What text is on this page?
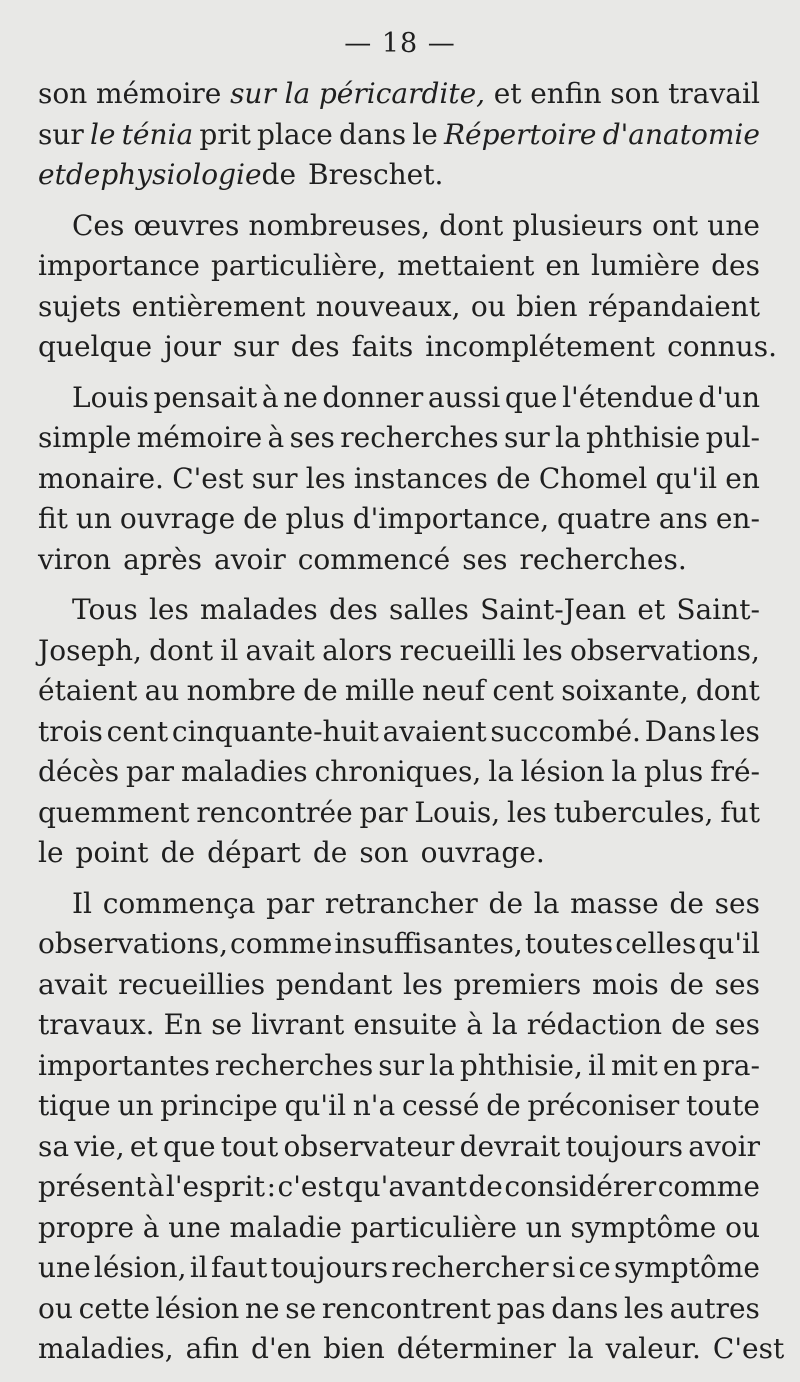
— 18 —
son mémoire sur la péricardite, et enfin son travail
sur le ténia prit place dans le Répertoire d'anatomie
et de physiologie de Breschet.
Ces œuvres nombreuses, dont plusieurs ont une
importance particulière, mettaient en lumière des
sujets entièrement nouveaux, ou bien répandaient
quelque jour sur des faits incomplétement connus.
Louis pensait à ne donner aussi que l'étendue d'un
simple mémoire à ses recherches sur la phthisie pul-
monaire. C'est sur les instances de Chomel qu'il en
fit un ouvrage de plus d'importance, quatre ans en-
viron après avoir commencé ses recherches.
Tous les malades des salles Saint-Jean et Saint-
Joseph, dont il avait alors recueilli les observations,
étaient au nombre de mille neuf cent soixante, dont
trois cent cinquante-huit avaient succombé. Dans les
décès par maladies chroniques, la lésion la plus fré-
quemment rencontrée par Louis, les tubercules, fut
le point de départ de son ouvrage.
Il commença par retrancher de la masse de ses
observations, comme insuffisantes, toutes celles qu'il
avait recueillies pendant les premiers mois de ses
travaux. En se livrant ensuite à la rédaction de ses
importantes recherches sur la phthisie, il mit en pra-
tique un principe qu'il n'a cessé de préconiser toute
sa vie, et que tout observateur devrait toujours avoir
présent à l'esprit : c'est qu'avant de considérer comme
propre à une maladie particulière un symptôme ou
une lésion, il faut toujours rechercher si ce symptôme
ou cette lésion ne se rencontrent pas dans les autres
maladies, afin d'en bien déterminer la valeur. C'est
